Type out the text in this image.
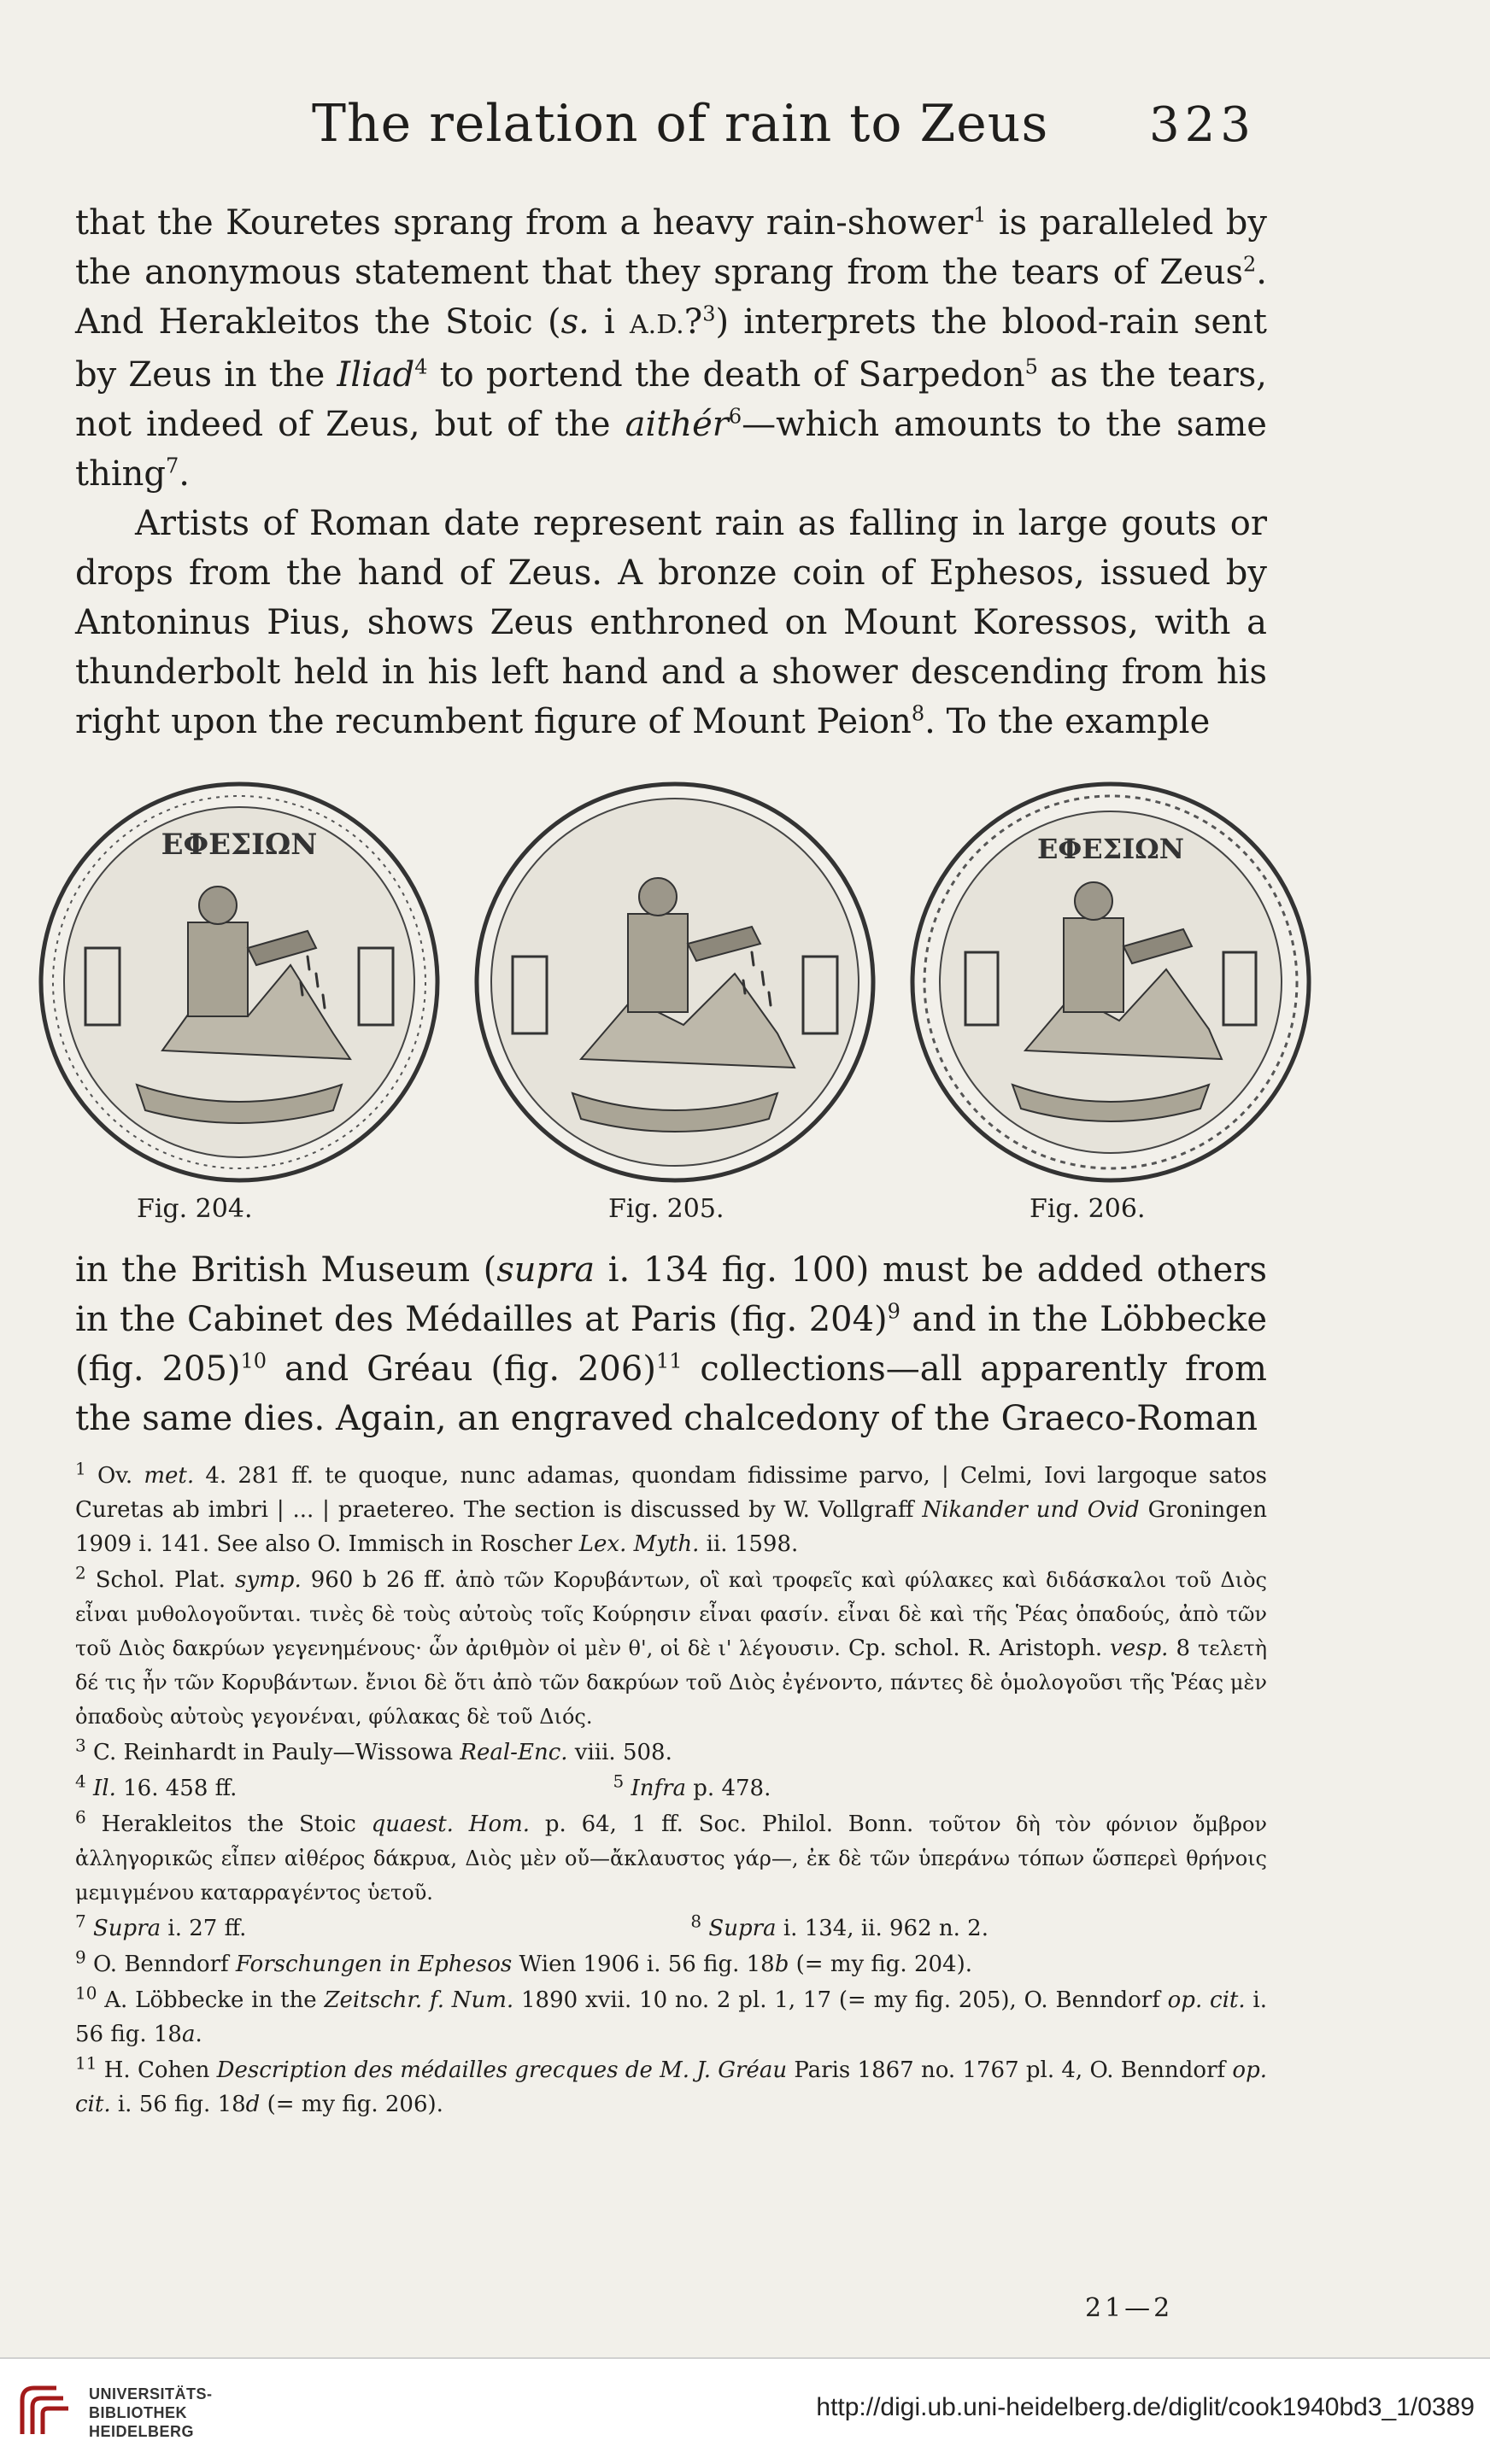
The relation of rain to Zeus 323

that the Kouretes sprang from a heavy rain-shower$^1$ is paralleled by the anonymous statement that they sprang from the tears of Zeus$^2$. And Herakleitos the Stoic (s. i A.D.?$^3$) interprets the blood-rain sent by Zeus in the Iliad$^4$ to portend the death of Sarpedon$^5$ as the tears, not indeed of Zeus, but of the aithér$^6$—which amounts to the same thing$^7$.

Artists of Roman date represent rain as falling in large gouts or drops from the hand of Zeus. A bronze coin of Ephesos, issued by Antoninus Pius, shows Zeus enthroned on Mount Koressos, with a thunderbolt held in his left hand and a shower descending from his right upon the recumbent figure of Mount Peion$^8$. To the example

ΕΦΕΣΙΩΝ	ΕΦΕΣΙΩΝ
Fig. 204.	Fig. 205.	Fig. 206.

in the British Museum (supra i. 134 fig. 100) must be added others in the Cabinet des Médailles at Paris (fig. 204)$^9$ and in the Löbbecke (fig. 205)$^{10}$ and Gréau (fig. 206)$^{11}$ collections—all apparently from the same dies. Again, an engraved chalcedony of the Graeco-Roman

$^1$ Ov. met. 4. 281 ff. te quoque, nunc adamas, quondam fidissime parvo, | Celmi, Iovi largoque satos Curetas ab imbri | ... | praetereo. The section is discussed by W. Vollgraff Nikander und Ovid Groningen 1909 i. 141. See also O. Immisch in Roscher Lex. Myth. ii. 1598.

$^2$ Schol. Plat. symp. 960 b 26 ff. ἀπὸ τῶν Κορυβάντων, οἳ καὶ τροφεῖς καὶ φύλακες καὶ διδάσκαλοι τοῦ Διὸς εἶναι μυθολογοῦνται. τινὲς δὲ τοὺς αὐτοὺς τοῖς Κούρησιν εἶναι φασίν. εἶναι δὲ καὶ τῆς Ῥέας ὀπαδούς, ἀπὸ τῶν τοῦ Διὸς δακρύων γεγενημένους· ὧν ἀριθμὸν οἱ μὲν θ', οἱ δὲ ι' λέγουσιν. Cp. schol. R. Aristoph. vesp. 8 τελετὴ δέ τις ἦν τῶν Κορυβάντων. ἔνιοι δὲ ὅτι ἀπὸ τῶν δακρύων τοῦ Διὸς ἐγένοντο, πάντες δὲ ὁμολογοῦσι τῆς Ῥέας μὲν ὀπαδοὺς αὐτοὺς γεγονέναι, φύλακας δὲ τοῦ Διός.

$^3$ C. Reinhardt in Pauly—Wissowa Real-Enc. viii. 508.

$^4$ Il. 16. 458 ff.	$^5$ Infra p. 478.

$^6$ Herakleitos the Stoic quaest. Hom. p. 64, 1 ff. Soc. Philol. Bonn. τοῦτον δὴ τὸν φόνιον ὄμβρον ἀλληγορικῶς εἶπεν αἰθέρος δάκρυα, Διὸς μὲν οὔ—ἄκλαυστος γάρ—, ἐκ δὲ τῶν ὑπεράνω τόπων ὥσπερεὶ θρήνοις μεμιγμένου καταρραγέντος ὑετοῦ.

$^7$ Supra i. 27 ff.	$^8$ Supra i. 134, ii. 962 n. 2.

$^9$ O. Benndorf Forschungen in Ephesos Wien 1906 i. 56 fig. 18b (= my fig. 204).

$^{10}$ A. Löbbecke in the Zeitschr. f. Num. 1890 xvii. 10 no. 2 pl. 1, 17 (= my fig. 205), O. Benndorf op. cit. i. 56 fig. 18a.

$^{11}$ H. Cohen Description des médailles grecques de M. J. Gréau Paris 1867 no. 1767 pl. 4, O. Benndorf op. cit. i. 56 fig. 18d (= my fig. 206).

21—2
UNIVERSITÄTS-
BIBLIOTHEK
HEIDELBERG
http://digi.ub.uni-heidelberg.de/diglit/cook1940bd3_1/0389
